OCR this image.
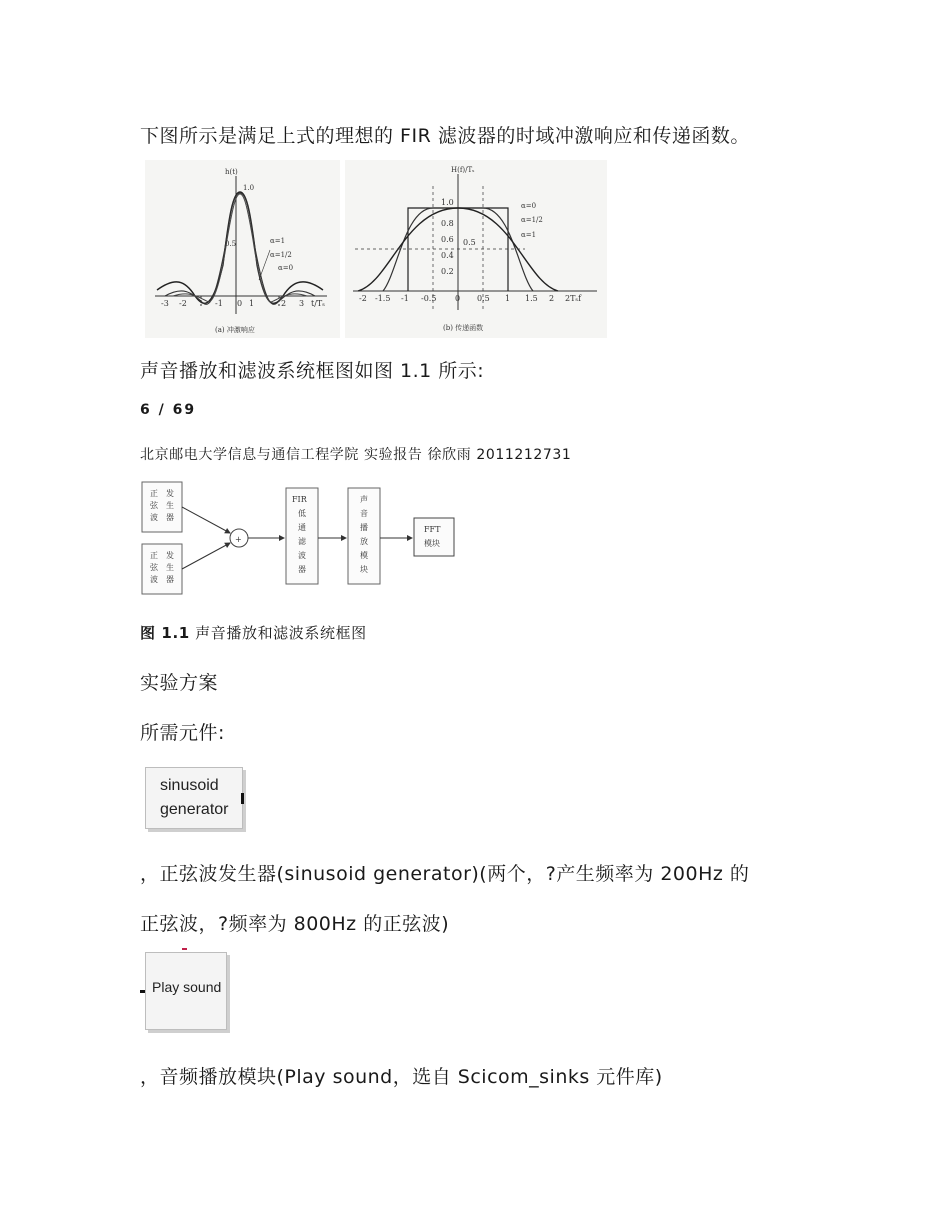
下图所示是满足上式的理想的 FIR 滤波器的时域冲激响应和传递函数。
h(t)
1.0
0.5	α=1
α=1/2
α=0
-3 -2	-1 0 1	2 3 t/Tₛ
(a) 冲激响应
H(f)/Tₛ
1.0
0.8
0.6 0.5
0.4
0.2
α=0
α=1/2
α=1
-2 -1.5 -1 -0.5 0 0.5 1 1.5 2 2Tₛf
(b) 传递函数
声音播放和滤波系统框图如图 1.1 所示:
6 / 69
北京邮电大学信息与通信工程学院 实验报告 徐欣雨 2011212731
正
弦
波
发
生
器
正
弦
波
发
生
器
+
FIR
低
通
滤
波
器
声
音
播
放
模
块
FFT
模块
图 1.1 声音播放和滤波系统框图
实验方案
所需元件:
sinusoid
generator
，正弦波发生器(sinusoid generator)(两个，?产生频率为 200Hz 的
正弦波，?频率为 800Hz 的正弦波)
Play sound
，音频播放模块(Play sound，选自 Scicom_sinks 元件库)
